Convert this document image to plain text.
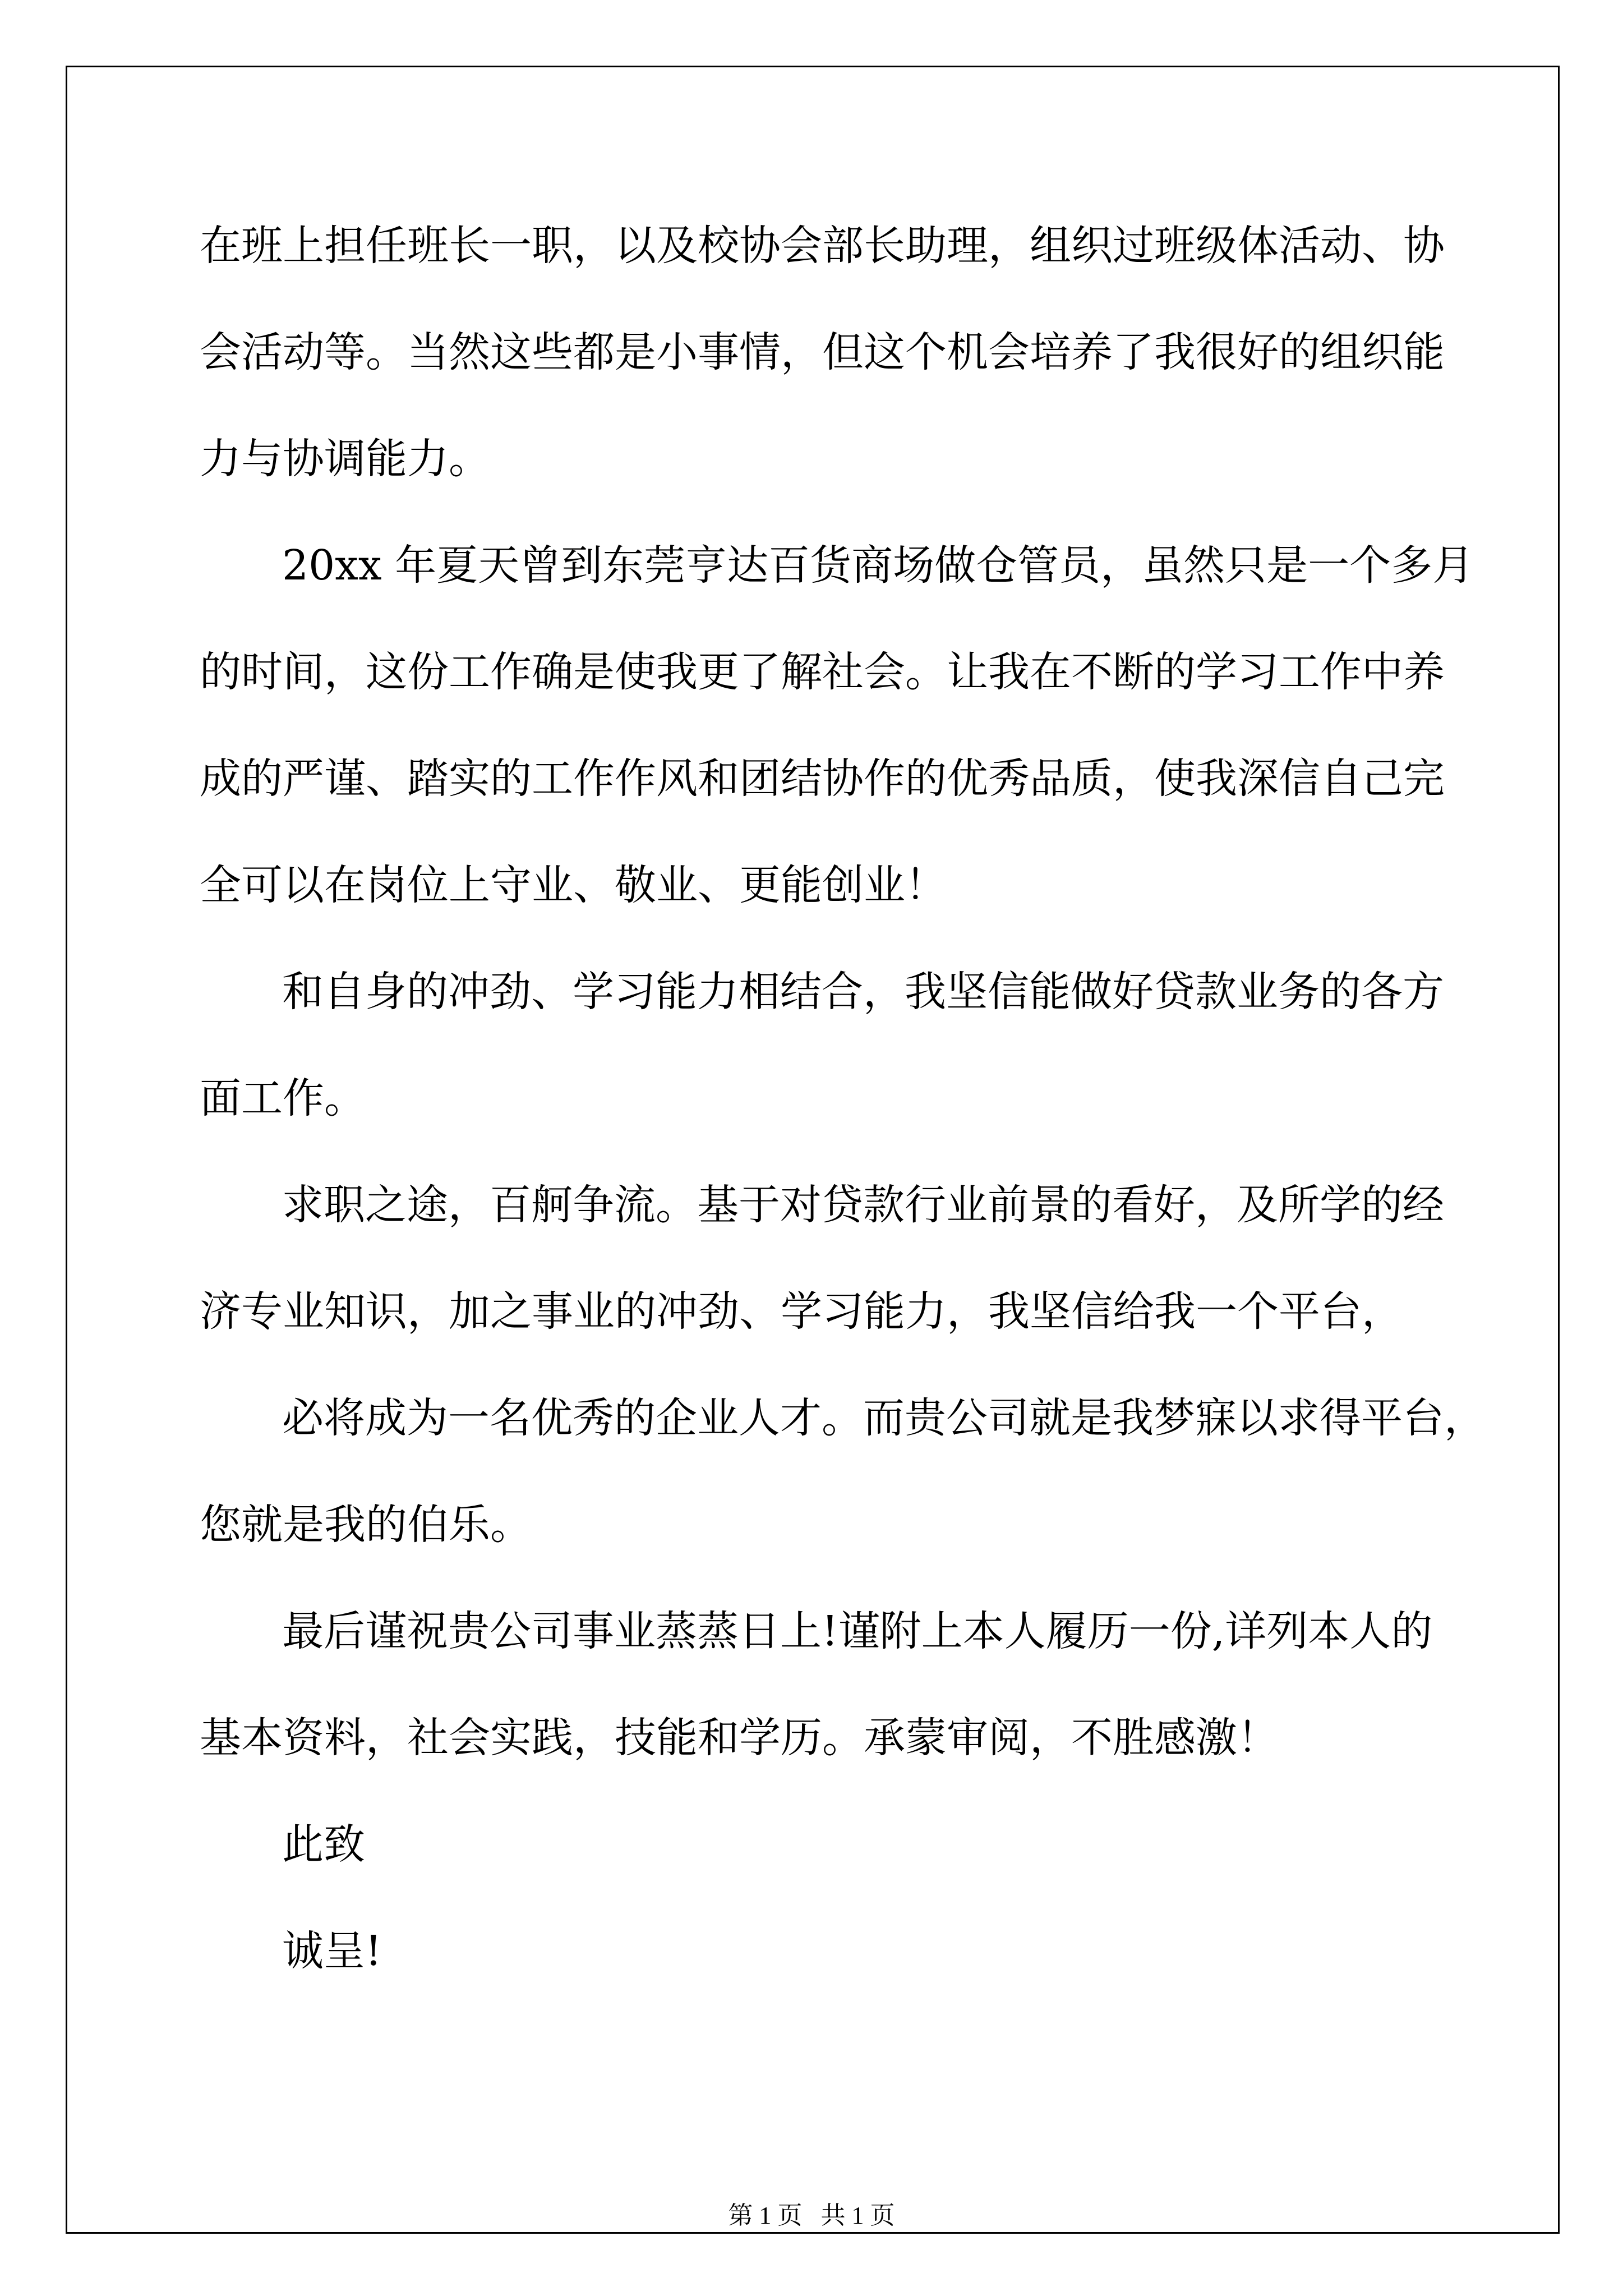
在班上担任班长一职，以及校协会部长助理，组织过班级体活动、协
会活动等。当然这些都是小事情，但这个机会培养了我很好的组织能
力与协调能力。
20xx 年夏天曾到东莞亨达百货商场做仓管员，虽然只是一个多月
的时间，这份工作确是使我更了解社会。让我在不断的学习工作中养
成的严谨、踏实的工作作风和团结协作的优秀品质，使我深信自己完
全可以在岗位上守业、敬业、更能创业！
和自身的冲劲、学习能力相结合，我坚信能做好贷款业务的各方
面工作。
求职之途，百舸争流。基于对贷款行业前景的看好，及所学的经
济专业知识，加之事业的冲劲、学习能力，我坚信给我一个平台，
必将成为一名优秀的企业人才。而贵公司就是我梦寐以求得平台，
您就是我的伯乐。
最后谨祝贵公司事业蒸蒸日上!谨附上本人履历一份,详列本人的
基本资料，社会实践，技能和学历。承蒙审阅，不胜感激！
此致
诚呈!
第 1 页   共 1 页
